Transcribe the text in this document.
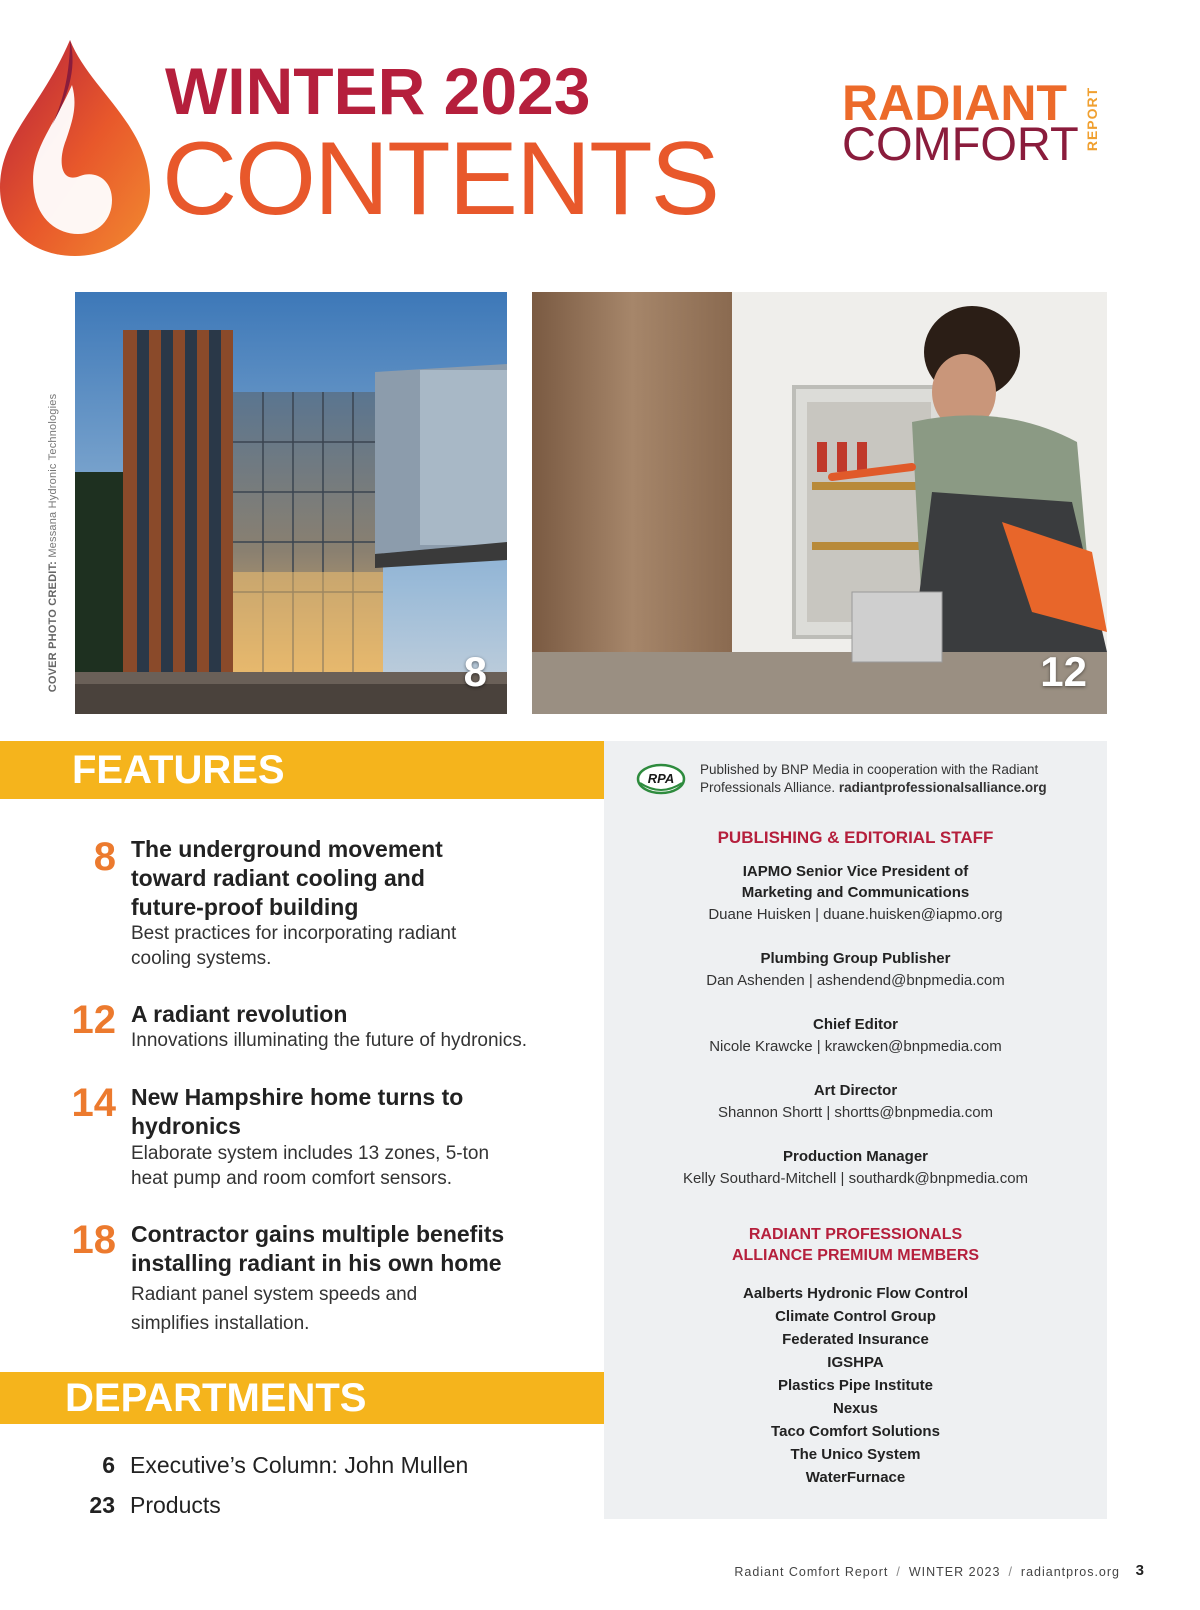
WINTER 2023
CONTENTS
RADIANT
COMFORT REPORT
COVER PHOTO CREDIT: Messana Hydronic Technologies
8	12
FEATURES
8 The underground movement toward radiant cooling and future-proof building
Best practices for incorporating radiant cooling systems.
12 A radiant revolution
Innovations illuminating the future of hydronics.
14 New Hampshire home turns to hydronics
Elaborate system includes 13 zones, 5-ton heat pump and room comfort sensors.
18 Contractor gains multiple benefits installing radiant in his own home
Radiant panel system speeds and simplifies installation.
DEPARTMENTS
6 Executive’s Column: John Mullen
23 Products
RPA
Published by BNP Media in cooperation with the Radiant Professionals Alliance. radiantprofessionalsalliance.org
PUBLISHING & EDITORIAL STAFF
IAPMO Senior Vice President of
Marketing and Communications
Duane Huisken | duane.huisken@iapmo.org
Plumbing Group Publisher
Dan Ashenden | ashendend@bnpmedia.com
Chief Editor
Nicole Krawcke | krawcken@bnpmedia.com
Art Director
Shannon Shortt | shortts@bnpmedia.com
Production Manager
Kelly Southard-Mitchell | southardk@bnpmedia.com
RADIANT PROFESSIONALS
ALLIANCE PREMIUM MEMBERS
Aalberts Hydronic Flow Control
Climate Control Group
Federated Insurance
IGSHPA
Plastics Pipe Institute
Nexus
Taco Comfort Solutions
The Unico System
WaterFurnace
Radiant Comfort Report / WINTER 2023 / radiantpros.org 3
